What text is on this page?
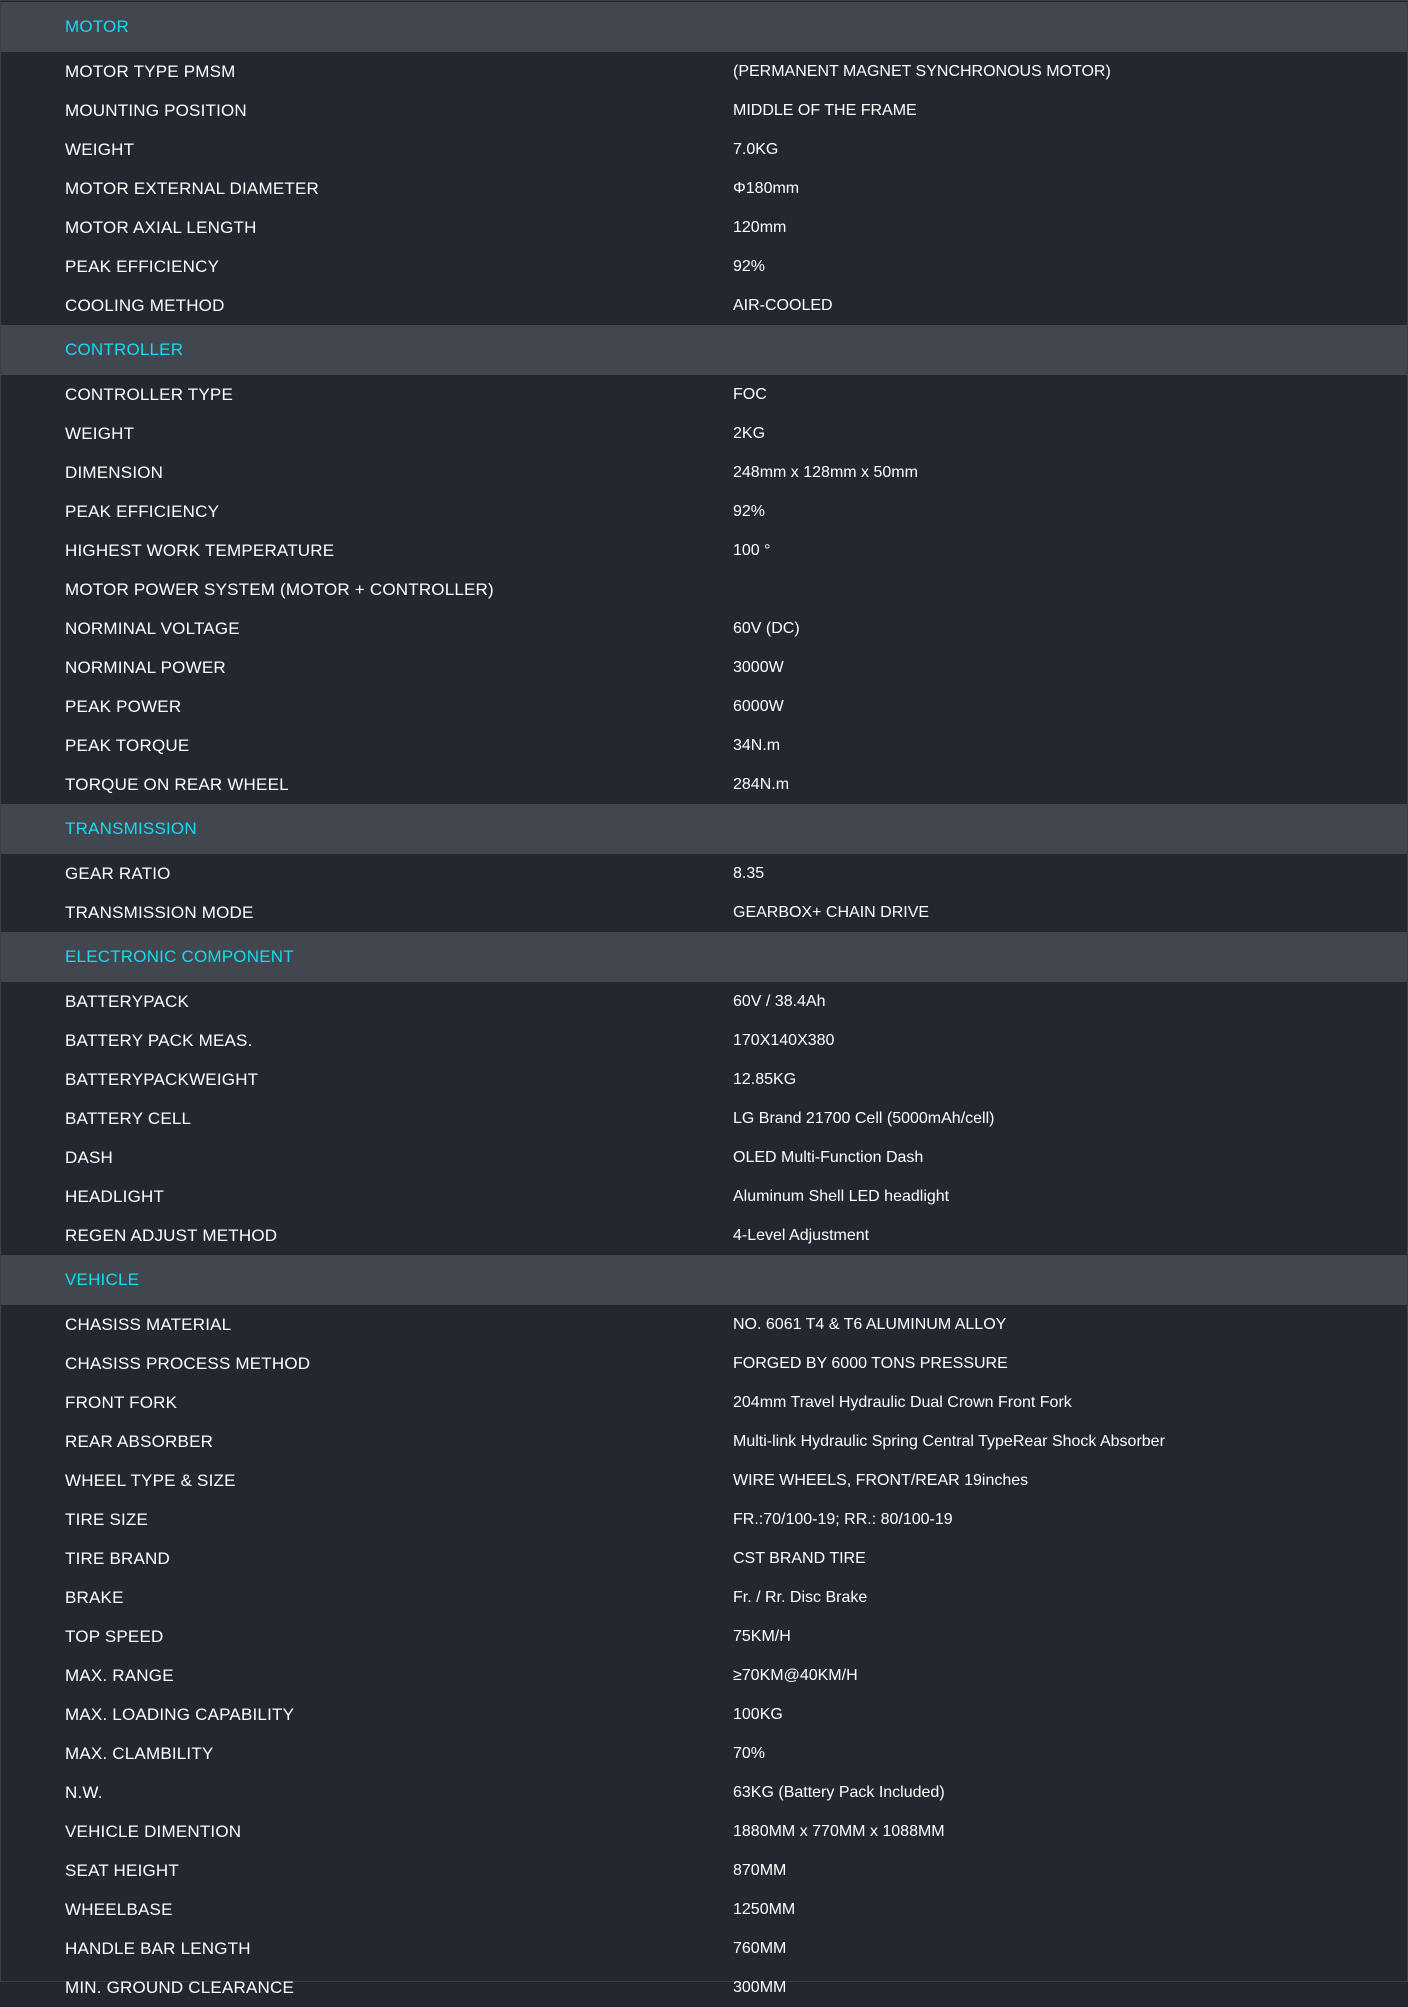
MOTOR
MOTOR TYPE PMSM	(PERMANENT MAGNET SYNCHRONOUS MOTOR)
MOUNTING POSITION	MIDDLE OF THE FRAME
WEIGHT	7.0KG
MOTOR EXTERNAL DIAMETER	Φ180mm
MOTOR AXIAL LENGTH	120mm
PEAK EFFICIENCY	92%
COOLING METHOD	AIR-COOLED
CONTROLLER
CONTROLLER TYPE	FOC
WEIGHT	2KG
DIMENSION	248mm x 128mm x 50mm
PEAK EFFICIENCY	92%
HIGHEST WORK TEMPERATURE	100 °
MOTOR POWER SYSTEM (MOTOR + CONTROLLER)
NORMINAL VOLTAGE	60V (DC)
NORMINAL POWER	3000W
PEAK POWER	6000W
PEAK TORQUE	34N.m
TORQUE ON REAR WHEEL	284N.m
TRANSMISSION
GEAR RATIO	8.35
TRANSMISSION MODE	GEARBOX+ CHAIN DRIVE
ELECTRONIC COMPONENT
BATTERYPACK	60V / 38.4Ah
BATTERY PACK MEAS.	170X140X380
BATTERYPACKWEIGHT	12.85KG
BATTERY CELL	LG Brand 21700 Cell (5000mAh/cell)
DASH	OLED Multi-Function Dash
HEADLIGHT	Aluminum Shell LED headlight
REGEN ADJUST METHOD	4-Level Adjustment
VEHICLE
CHASISS MATERIAL	NO. 6061 T4 & T6 ALUMINUM ALLOY
CHASISS PROCESS METHOD	FORGED BY 6000 TONS PRESSURE
FRONT FORK	204mm Travel Hydraulic Dual Crown Front Fork
REAR ABSORBER	Multi-link Hydraulic Spring Central TypeRear Shock Absorber
WHEEL TYPE & SIZE	WIRE WHEELS, FRONT/REAR 19inches
TIRE SIZE	FR.:70/100-19; RR.: 80/100-19
TIRE BRAND	CST BRAND TIRE
BRAKE	Fr. / Rr. Disc Brake
TOP SPEED	75KM/H
MAX. RANGE	≥70KM@40KM/H
MAX. LOADING CAPABILITY	100KG
MAX. CLAMBILITY	70%
N.W.	63KG (Battery Pack Included)
VEHICLE DIMENTION	1880MM x 770MM x 1088MM
SEAT HEIGHT	870MM
WHEELBASE	1250MM
HANDLE BAR LENGTH	760MM
MIN. GROUND CLEARANCE	300MM
